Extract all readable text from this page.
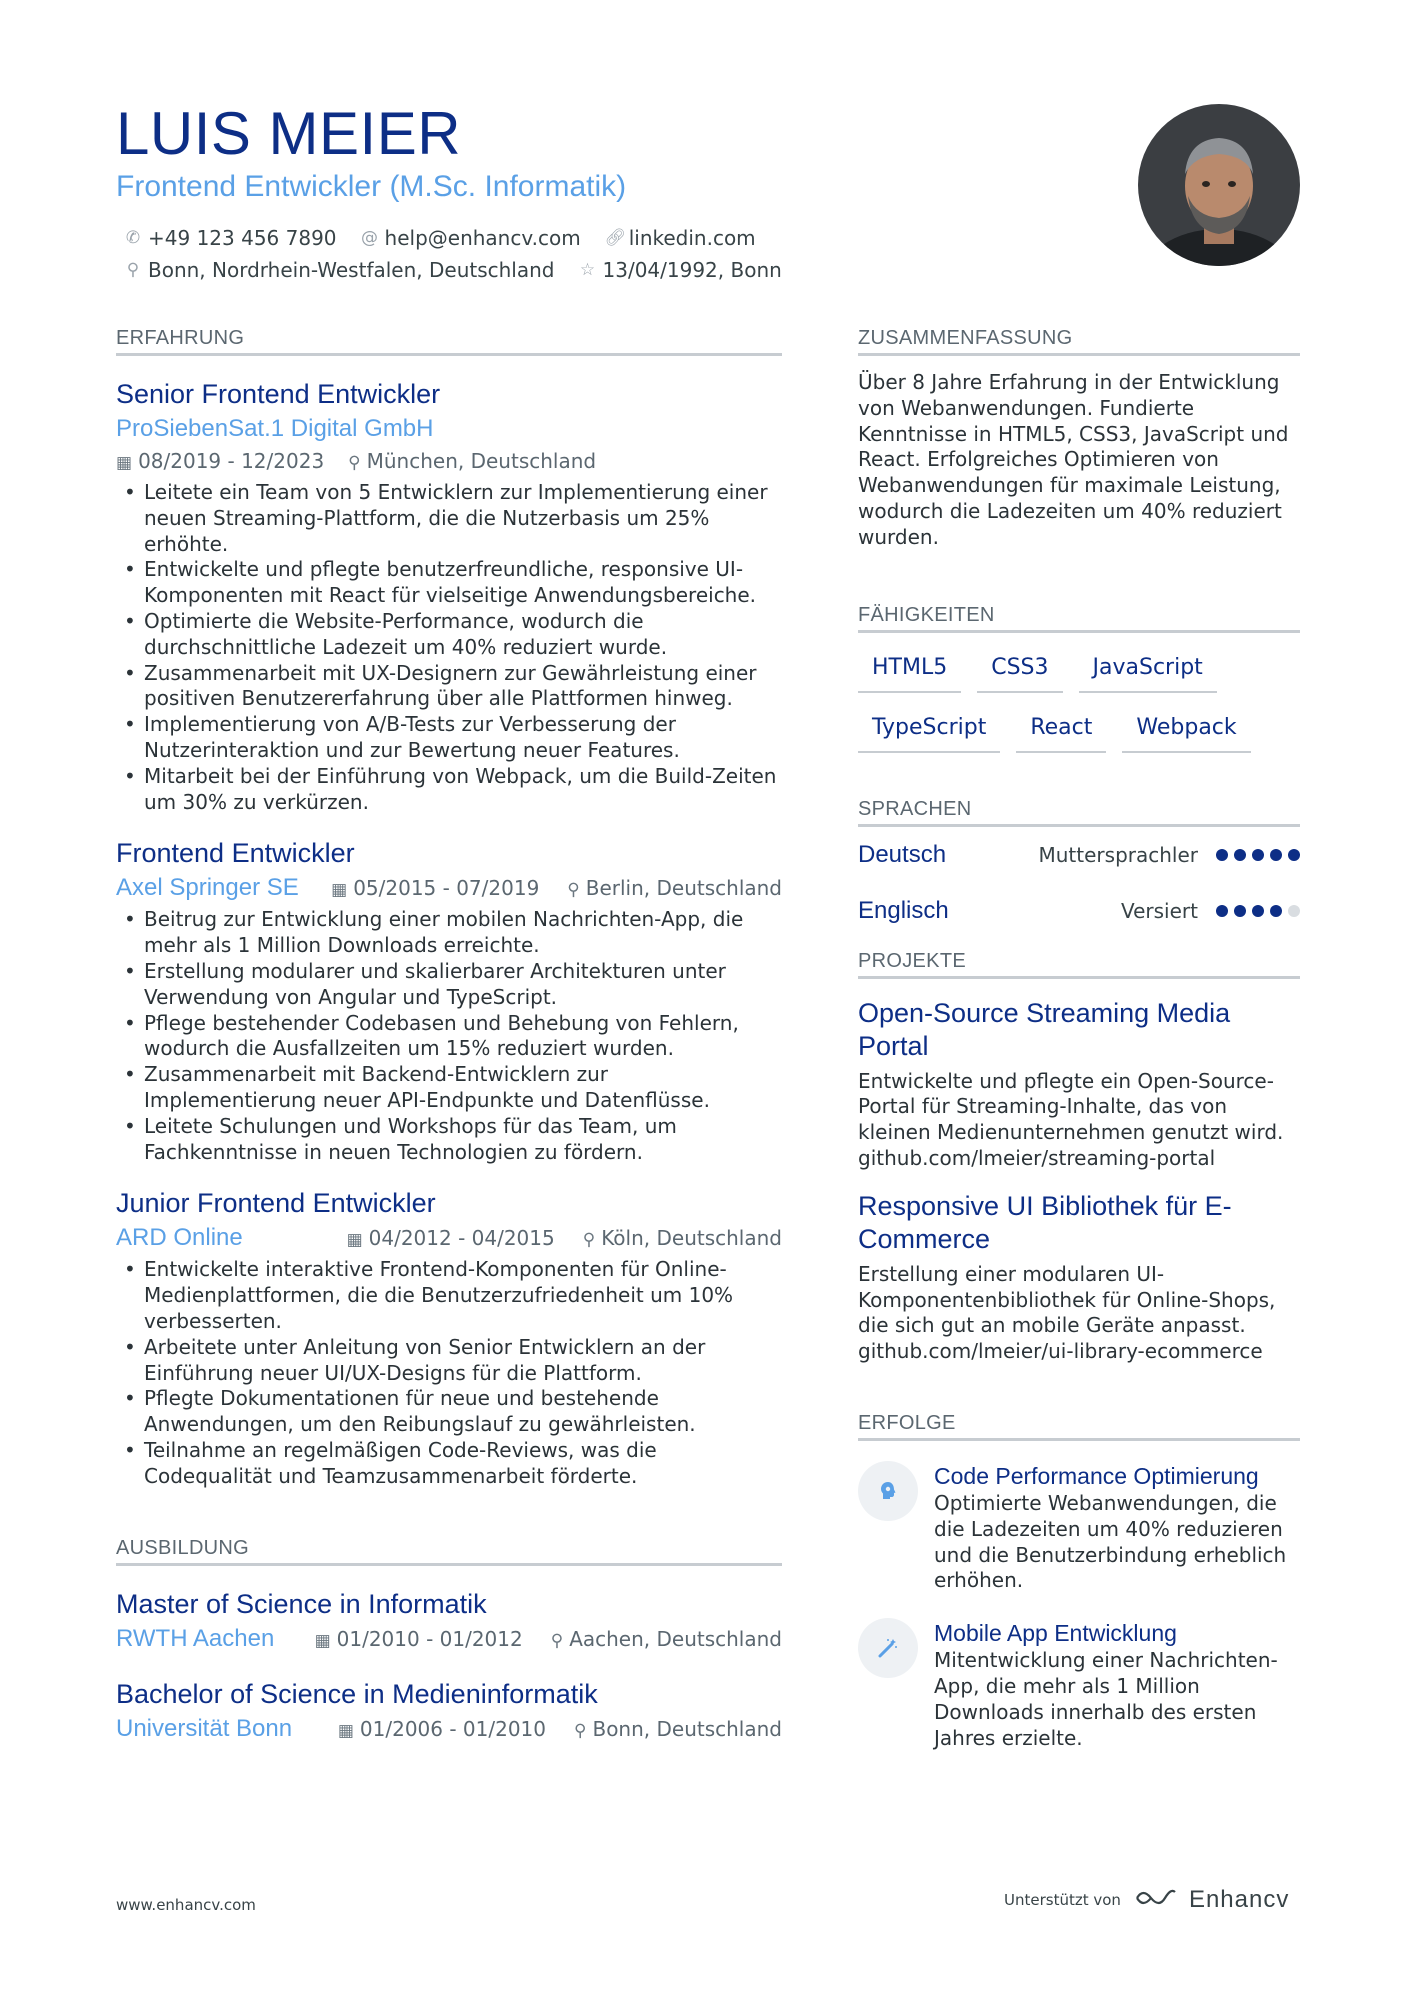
LUIS MEIER
Frontend Entwickler (M.Sc. Informatik)
✆ +49 123 456 7890 @ help@enhancv.com 🔗︎ linkedin.com
⚲ Bonn, Nordrhein-Westfalen, Deutschland ☆ 13/04/1992, Bonn
ERFAHRUNG
Senior Frontend Entwickler
ProSiebenSat.1 Digital GmbH
▦ 08/2019 - 12/2023 ⚲ München, Deutschland
• Leitete ein Team von 5 Entwicklern zur Implementierung einer neuen Streaming-Plattform, die die Nutzerbasis um 25% erhöhte.
• Entwickelte und pflegte benutzerfreundliche, responsive UI-Komponenten mit React für vielseitige Anwendungsbereiche.
• Optimierte die Website-Performance, wodurch die durchschnittliche Ladezeit um 40% reduziert wurde.
• Zusammenarbeit mit UX-Designern zur Gewährleistung einer positiven Benutzererfahrung über alle Plattformen hinweg.
• Implementierung von A/B-Tests zur Verbesserung der Nutzerinteraktion und zur Bewertung neuer Features.
• Mitarbeit bei der Einführung von Webpack, um die Build-Zeiten um 30% zu verkürzen.
Frontend Entwickler
Axel Springer SE ▦ 05/2015 - 07/2019 ⚲ Berlin, Deutschland
• Beitrug zur Entwicklung einer mobilen Nachrichten-App, die mehr als 1 Million Downloads erreichte.
• Erstellung modularer und skalierbarer Architekturen unter Verwendung von Angular und TypeScript.
• Pflege bestehender Codebasen und Behebung von Fehlern, wodurch die Ausfallzeiten um 15% reduziert wurden.
• Zusammenarbeit mit Backend-Entwicklern zur Implementierung neuer API-Endpunkte und Datenflüsse.
• Leitete Schulungen und Workshops für das Team, um Fachkenntnisse in neuen Technologien zu fördern.
Junior Frontend Entwickler
ARD Online	▦ 04/2012 - 04/2015 ⚲ Köln, Deutschland
• Entwickelte interaktive Frontend-Komponenten für Online-Medienplattformen, die die Benutzerzufriedenheit um 10% verbesserten.
• Arbeitete unter Anleitung von Senior Entwicklern an der Einführung neuer UI/UX-Designs für die Plattform.
• Pflegte Dokumentationen für neue und bestehende Anwendungen, um den Reibungslauf zu gewährleisten.
• Teilnahme an regelmäßigen Code-Reviews, was die Codequalität und Teamzusammenarbeit förderte.
AUSBILDUNG
Master of Science in Informatik
RWTH Aachen ▦ 01/2010 - 01/2012 ⚲ Aachen, Deutschland
Bachelor of Science in Medieninformatik
Universität Bonn	▦ 01/2006 - 01/2010 ⚲ Bonn, Deutschland
ZUSAMMENFASSUNG
Über 8 Jahre Erfahrung in der Entwicklung von Webanwendungen. Fundierte Kenntnisse in HTML5, CSS3, JavaScript und React. Erfolgreiches Optimieren von Webanwendungen für maximale Leistung, wodurch die Ladezeiten um 40% reduziert wurden.
FÄHIGKEITEN
HTML5	CSS3	JavaScript
TypeScript	React	Webpack
SPRACHEN
Deutsch	Muttersprachler
Englisch	Versiert
PROJEKTE
Open-Source Streaming Media Portal
Entwickelte und pflegte ein Open-Source-Portal für Streaming-Inhalte, das von kleinen Medienunternehmen genutzt wird. github.com/lmeier/streaming-portal
Responsive UI Bibliothek für E-Commerce
Erstellung einer modularen UI-Komponentenbibliothek für Online-Shops, die sich gut an mobile Geräte anpasst. github.com/lmeier/ui-library-ecommerce
ERFOLGE
Code Performance Optimierung
Optimierte Webanwendungen, die die Ladezeiten um 40% reduzieren und die Benutzerbindung erheblich erhöhen.
Mobile App Entwicklung
Mitentwicklung einer Nachrichten-App, die mehr als 1 Million Downloads innerhalb des ersten Jahres erzielte.
www.enhancv.com	Unterstützt von	Enhancv
